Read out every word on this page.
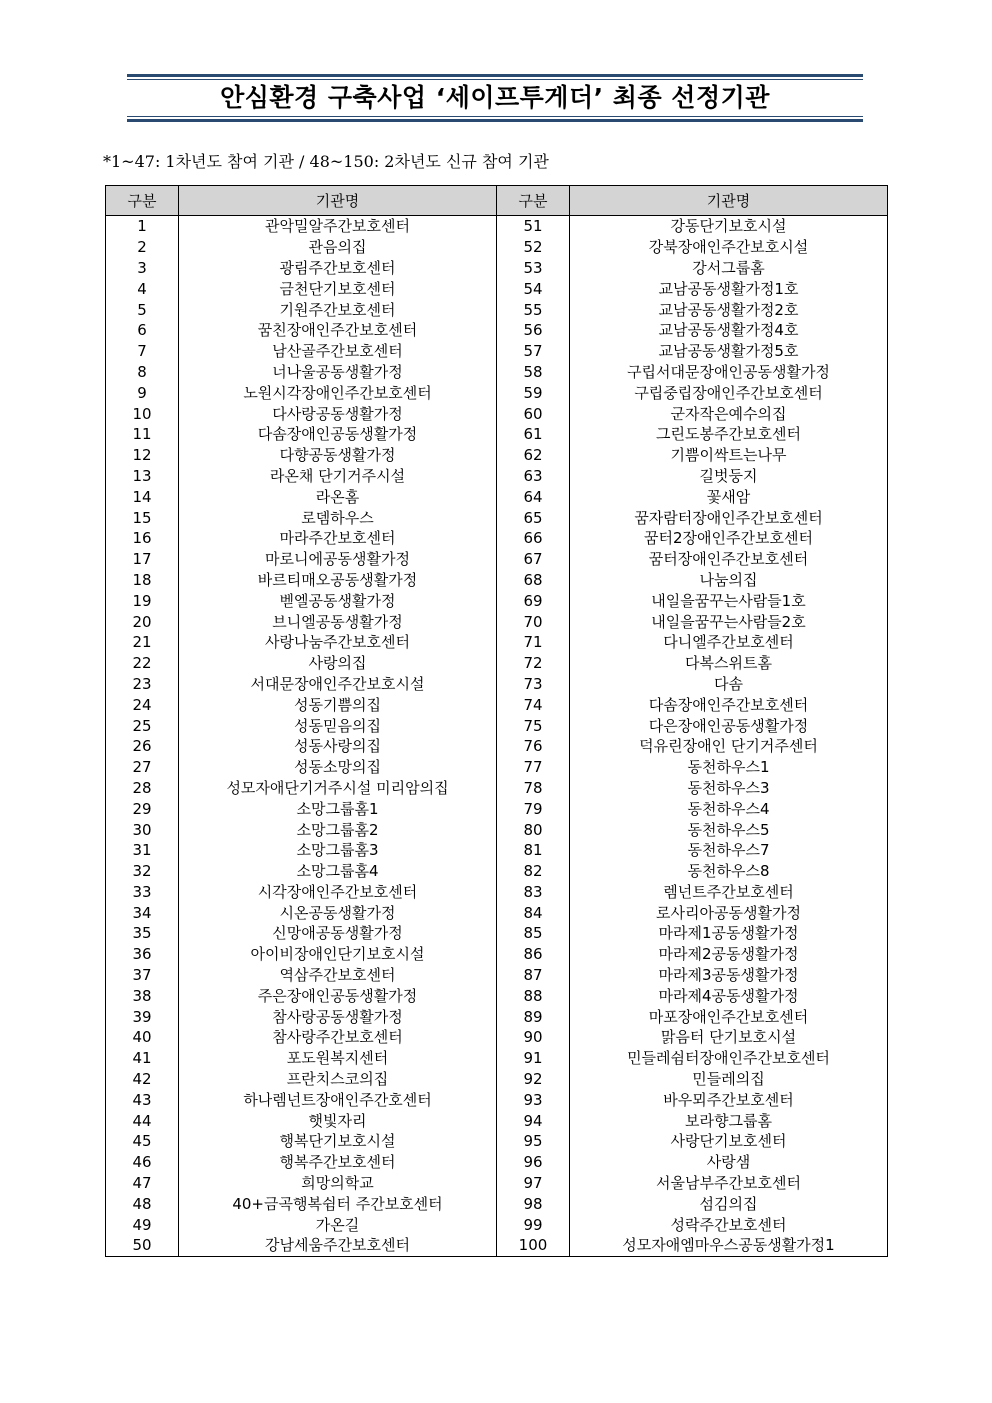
안심환경 구축사업 ‘세이프투게더’ 최종 선정기관
*1~47: 1차년도 참여 기관 / 48~150: 2차년도 신규 참여 기관
구분	기관명	구분	기관명
1	관악밀알주간보호센터	51	강동단기보호시설
2	관음의집	52	강북장애인주간보호시설
3	광림주간보호센터	53	강서그룹홈
4	금천단기보호센터	54	교남공동생활가정1호
5	기원주간보호센터	55	교남공동생활가정2호
6	꿈친장애인주간보호센터	56	교남공동생활가정4호
7	남산골주간보호센터	57	교남공동생활가정5호
8	너나울공동생활가정	58	구립서대문장애인공동생활가정
9	노원시각장애인주간보호센터	59	구립중립장애인주간보호센터
10	다사랑공동생활가정	60	군자작은예수의집
11	다솜장애인공동생활가정	61	그린도봉주간보호센터
12	다향공동생활가정	62	기쁨이싹트는나무
13	라온채 단기거주시설	63	길벗둥지
14	라온홈	64	꽃새암
15	로뎀하우스	65	꿈자람터장애인주간보호센터
16	마라주간보호센터	66	꿈터2장애인주간보호센터
17	마로니에공동생활가정	67	꿈터장애인주간보호센터
18	바르티매오공동생활가정	68	나눔의집
19	벧엘공동생활가정	69	내일을꿈꾸는사람들1호
20	브니엘공동생활가정	70	내일을꿈꾸는사람들2호
21	사랑나눔주간보호센터	71	다니엘주간보호센터
22	사랑의집	72	다복스위트홈
23	서대문장애인주간보호시설	73	다솜
24	성동기쁨의집	74	다솜장애인주간보호센터
25	성동믿음의집	75	다은장애인공동생활가정
26	성동사랑의집	76	덕유린장애인 단기거주센터
27	성동소망의집	77	동천하우스1
28	성모자애단기거주시설 미리암의집	78	동천하우스3
29	소망그룹홈1	79	동천하우스4
30	소망그룹홈2	80	동천하우스5
31	소망그룹홈3	81	동천하우스7
32	소망그룹홈4	82	동천하우스8
33	시각장애인주간보호센터	83	렘넌트주간보호센터
34	시온공동생활가정	84	로사리아공동생활가정
35	신망애공동생활가정	85	마라제1공동생활가정
36	아이비장애인단기보호시설	86	마라제2공동생활가정
37	역삼주간보호센터	87	마라제3공동생활가정
38	주은장애인공동생활가정	88	마라제4공동생활가정
39	참사랑공동생활가정	89	마포장애인주간보호센터
40	참사랑주간보호센터	90	맑음터 단기보호시설
41	포도원복지센터	91	민들레쉼터장애인주간보호센터
42	프란치스코의집	92	민들레의집
43	하나렘넌트장애인주간호센터	93	바우뫼주간보호센터
44	햇빛자리	94	보라향그룹홈
45	행복단기보호시설	95	사랑단기보호센터
46	행복주간보호센터	96	사랑샘
47	희망의학교	97	서울남부주간보호센터
48	40+금곡행복쉼터 주간보호센터	98	섬김의집
49	가온길	99	성락주간보호센터
50	강남세움주간보호센터	100	성모자애엠마우스공동생활가정1
